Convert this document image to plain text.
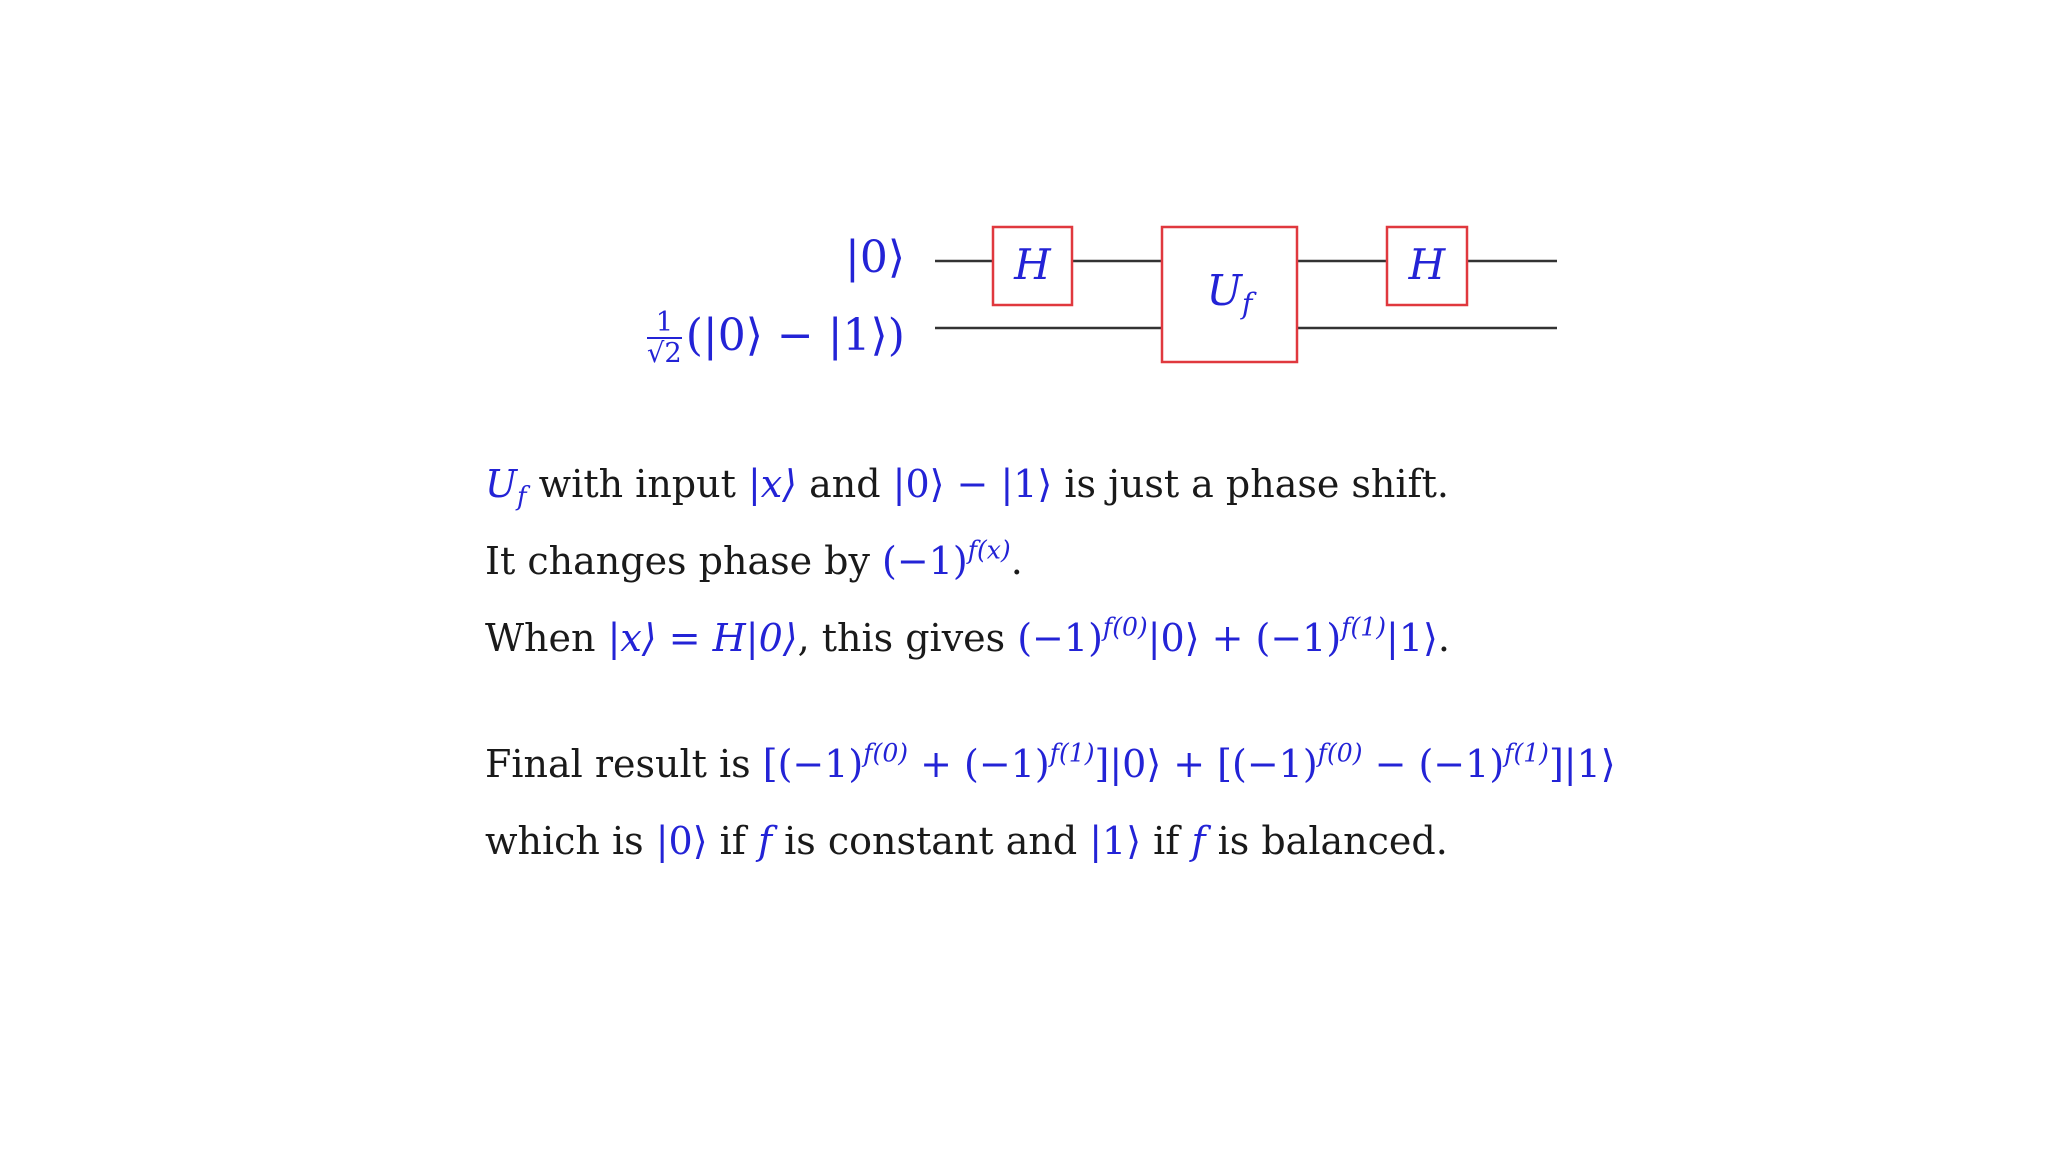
H
$U_f$
H
|0⟩
$\frac{1}{√2}$ (|0⟩ − |1⟩)
$U_f$ with input |x⟩ and |0⟩ − |1⟩ is just a phase shift.
It changes phase by $(-1)^{f(x)}$.
When |x⟩ = H|0⟩, this gives $(-1)^{f(0)}|0⟩$ + $(-1)^{f(1)}|1⟩$.
Final result is [$(-1)^{f(0)}$ + $(-1)^{f(1)}]|0⟩ + [(-1)^{f(0)}$ − $(-1)^{f(1)}]|1⟩$
which is |0⟩ if f is constant and |1⟩ if f is balanced.
